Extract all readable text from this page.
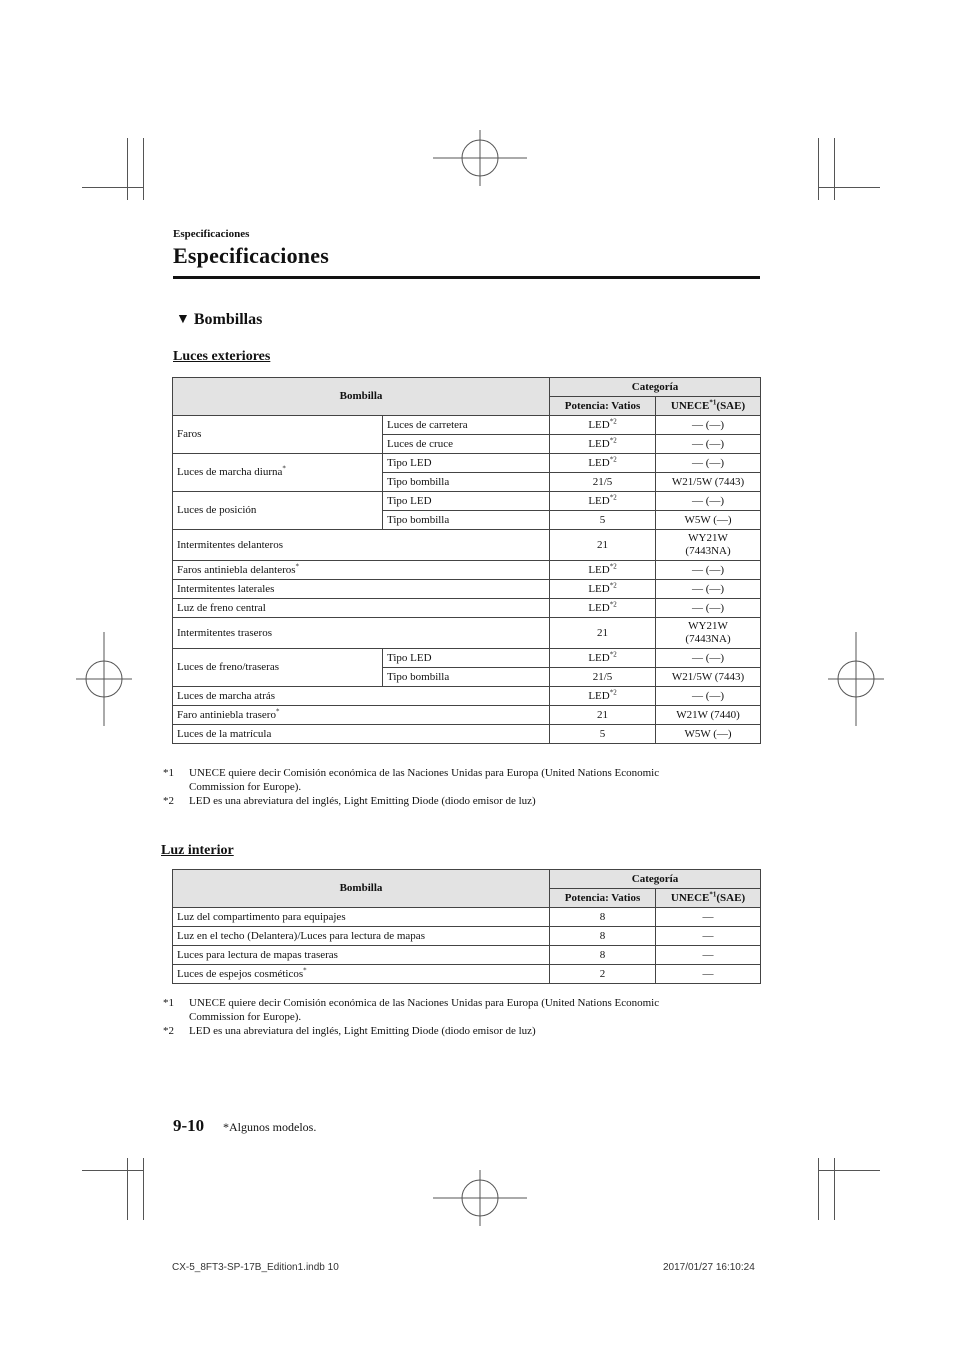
Especificaciones
Especificaciones
▼ Bombillas
Luces exteriores
Bombilla		Categoría	
		Potencia: Vatios	UNECE$^{*1}$(SAE)
Faros	Luces de carretera	LED$^{*2}$	— (—)
	Luces de cruce	LED$^{*2}$	— (—)
Luces de marcha diurna*	Tipo LED	LED$^{*2}$	— (—)
	Tipo bombilla	21/5	W21/5W (7443)
Luces de posición	Tipo LED	LED$^{*2}$	— (—)
	Tipo bombilla	5	W5W (—)
Intermitentes delanteros		21	WY21W
(7443NA)
Faros antiniebla delanteros*		LED$^{*2}$	— (—)
Intermitentes laterales		LED$^{*2}$	— (—)
Luz de freno central		LED$^{*2}$	— (—)
Intermitentes traseros		21	WY21W
(7443NA)
Luces de freno/traseras	Tipo LED	LED$^{*2}$	— (—)
	Tipo bombilla	21/5	W21/5W (7443)
Luces de marcha atrás		LED$^{*2}$	— (—)
Faro antiniebla trasero*		21	W21W (7440)
Luces de la matrícula		5	W5W (—)
*1	UNECE quiere decir Comisión económica de las Naciones Unidas para Europa (United Nations Economic
Commission for Europe).
*2	LED es una abreviatura del inglés, Light Emitting Diode (diodo emisor de luz)
Luz interior
Bombilla	Categoría	
	Potencia: Vatios	UNECE$^{*1}$(SAE)
Luz del compartimento para equipajes	8	—
Luz en el techo (Delantera)/Luces para lectura de mapas	8	—
Luces para lectura de mapas traseras	8	—
Luces de espejos cosméticos*	2	—
*1	UNECE quiere decir Comisión económica de las Naciones Unidas para Europa (United Nations Economic
Commission for Europe).
*2	LED es una abreviatura del inglés, Light Emitting Diode (diodo emisor de luz)
9-10 *Algunos modelos.
CX-5_8FT3-SP-17B_Edition1.indb 10	2017/01/27 16:10:24
